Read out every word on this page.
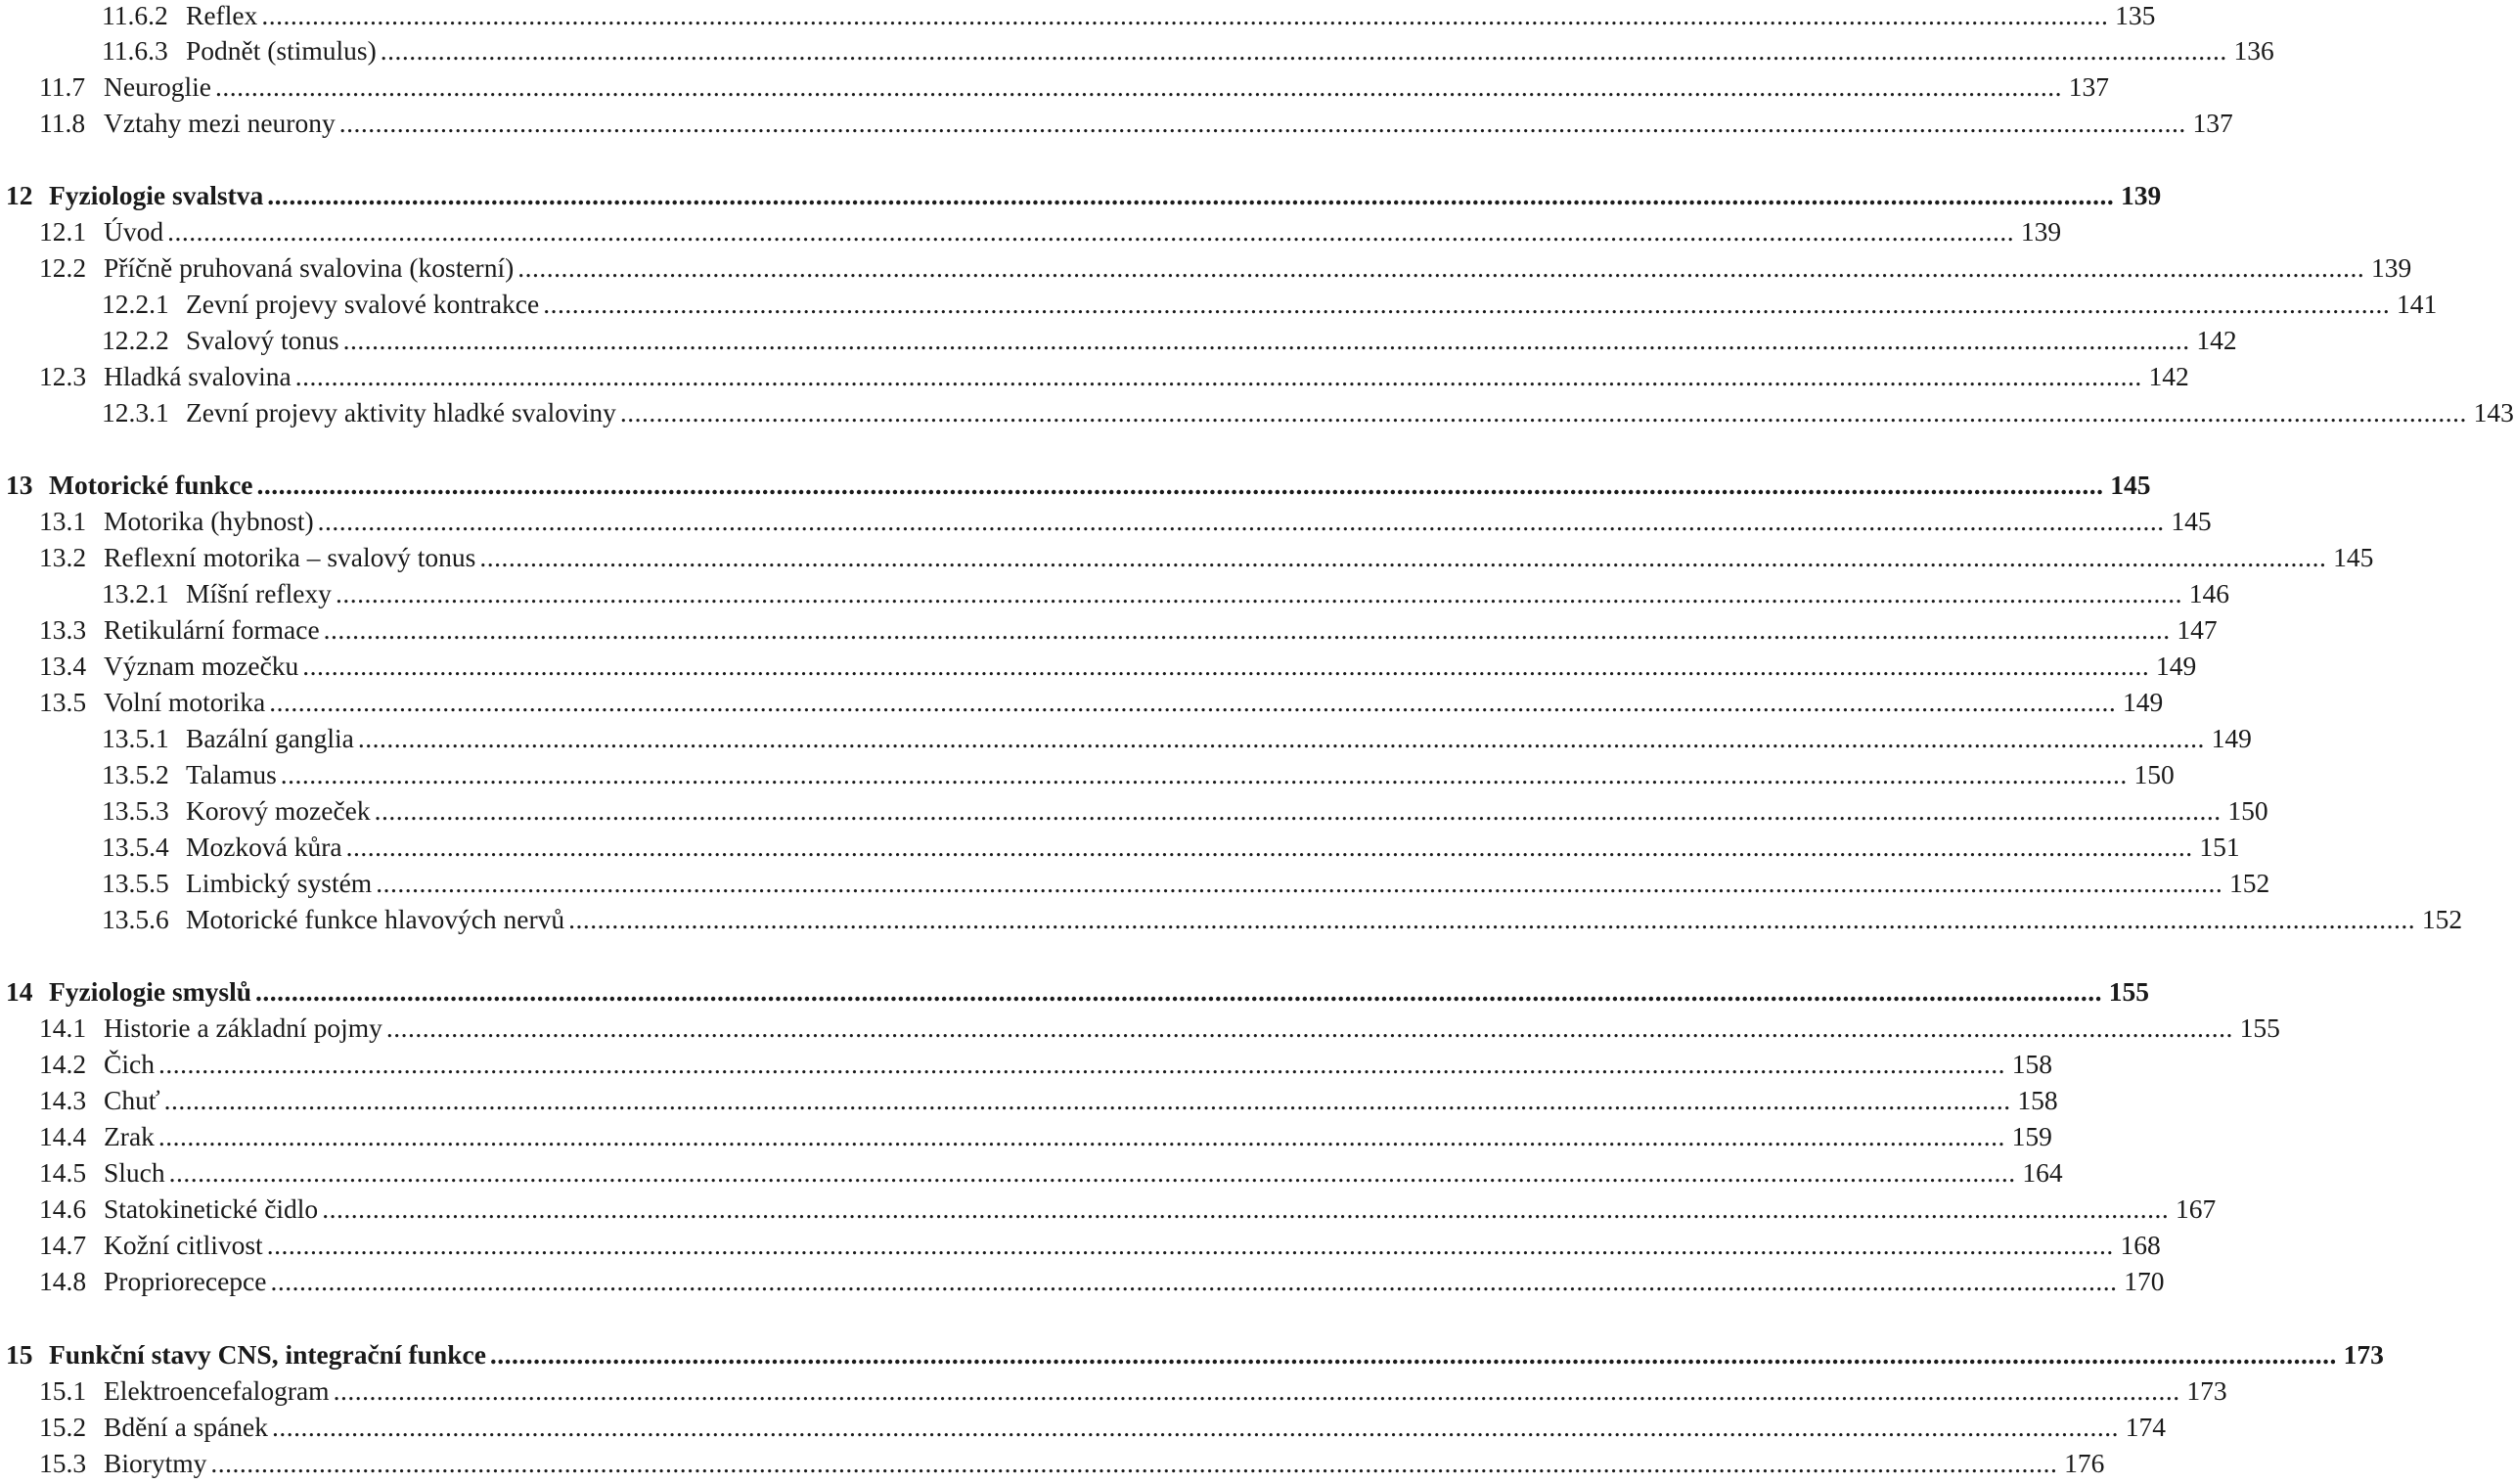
11.6.2 Reflex .....	135
11.6.3 Podnět (stimulus) .....	136
11.7 Neuroglie .....	137
11.8 Vztahy mezi neurony .....	137
12 Fyziologie svalstva .....	139
12.1 Úvod .....	139
12.2 Příčně pruhovaná svalovina (kosterní) .....	139
12.2.1 Zevní projevy svalové kontrakce .....	141
12.2.2 Svalový tonus .....	142
12.3 Hladká svalovina .....	142
12.3.1 Zevní projevy aktivity hladké svaloviny .....	143
13 Motorické funkce .....	145
13.1 Motorika (hybnost) .....	145
13.2 Reflexní motorika – svalový tonus .....	145
13.2.1 Míšní reflexy .....	146
13.3 Retikulární formace .....	147
13.4 Význam mozečku .....	149
13.5 Volní motorika .....	149
13.5.1 Bazální ganglia .....	149
13.5.2 Talamus .....	150
13.5.3 Korový mozeček .....	150
13.5.4 Mozková kůra .....	151
13.5.5 Limbický systém .....	152
13.5.6 Motorické funkce hlavových nervů .....	152
14 Fyziologie smyslů .....	155
14.1 Historie a základní pojmy .....	155
14.2 Čich .....	158
14.3 Chuť .....	158
14.4 Zrak .....	159
14.5 Sluch .....	164
14.6 Statokinetické čidlo .....	167
14.7 Kožní citlivost .....	168
14.8 Propriorecepce .....	170
15 Funkční stavy CNS, integrační funkce .....	173
15.1 Elektroencefalogram .....	173
15.2 Bdění a spánek .....	174
15.3 Biorytmy .....	176
